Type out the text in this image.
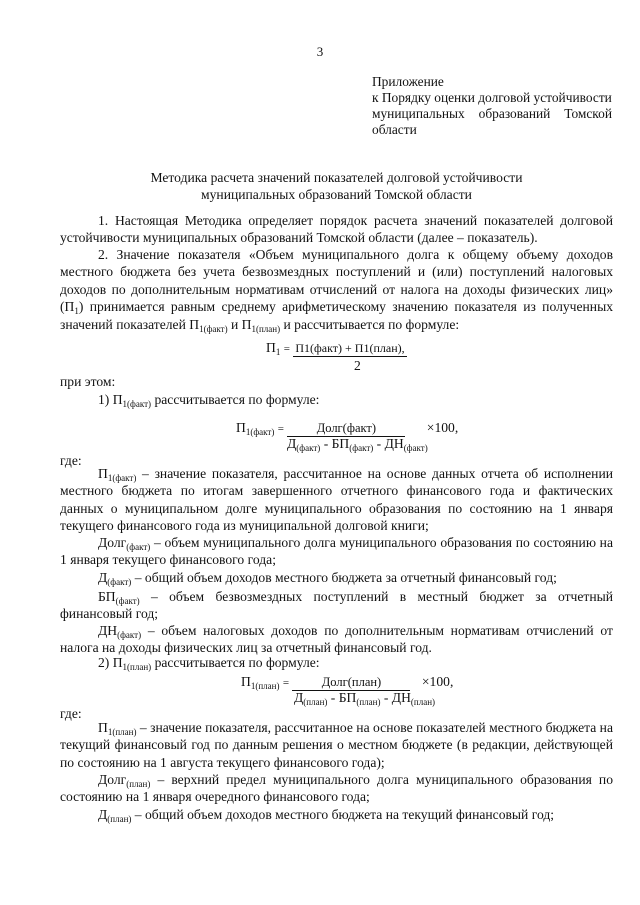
3
Приложение
к Порядку оценки долговой устойчивости
муниципальных образований Томской
области
Методика расчета значений показателей долговой устойчивости
муниципальных образований Томской области
1. Настоящая Методика определяет порядок расчета значений показателей долговой устойчивости муниципальных образований Томской области (далее – показатель).
2. Значение показателя «Объем муниципального долга к общему объему доходов местного бюджета без учета безвозмездных поступлений и (или) поступлений налоговых доходов по дополнительным нормативам отчислений от налога на доходы физических лиц» $(П_1)$ принимается равным среднему арифметическому значению показателя из полученных значений показателей $П_{1(факт)}$ и $П_{1(план)}$ и рассчитывается по формуле:
$П_1$ = П1(факт) + П1(план),
2
при этом:
1) $П_{1(факт)}$ рассчитывается по формуле:
$П_{1(факт)}$ =	Долг(факт)	×100,
$Д_{(факт)} - БП_{(факт)} - ДН_{(факт)}$
где:
$П_{1(факт)}$ – значение показателя, рассчитанное на основе данных отчета об исполнении местного бюджета по итогам завершенного отчетного финансового года и фактических данных о муниципальном долге муниципального образования по состоянию на 1 января текущего финансового года из муниципальной долговой книги;
Долг$_{(факт)}$ – объем муниципального долга муниципального образования по состоянию на 1 января текущего финансового года;
$Д_{(факт)}$ – общий объем доходов местного бюджета за отчетный финансовый год;
$БП_{(факт)}$ – объем безвозмездных поступлений в местный бюджет за отчетный финансовый год;
$ДН_{(факт)}$ – объем налоговых доходов по дополнительным нормативам отчислений от налога на доходы физических лиц за отчетный финансовый год.
2) $П_{1(план)}$ рассчитывается по формуле:
$П_{1(план)}$ =	Долг(план)	×100,
$Д_{(план)} - БП_{(план)} - ДН_{(план)}$
где:
$П_{1(план)}$ – значение показателя, рассчитанное на основе показателей местного бюджета на текущий финансовый год по данным решения о местном бюджете (в редакции, действующей по состоянию на 1 августа текущего финансового года);
Долг$_{(план)}$ – верхний предел муниципального долга муниципального образования по состоянию на 1 января очередного финансового года;
$Д_{(план)}$ – общий объем доходов местного бюджета на текущий финансовый год;
